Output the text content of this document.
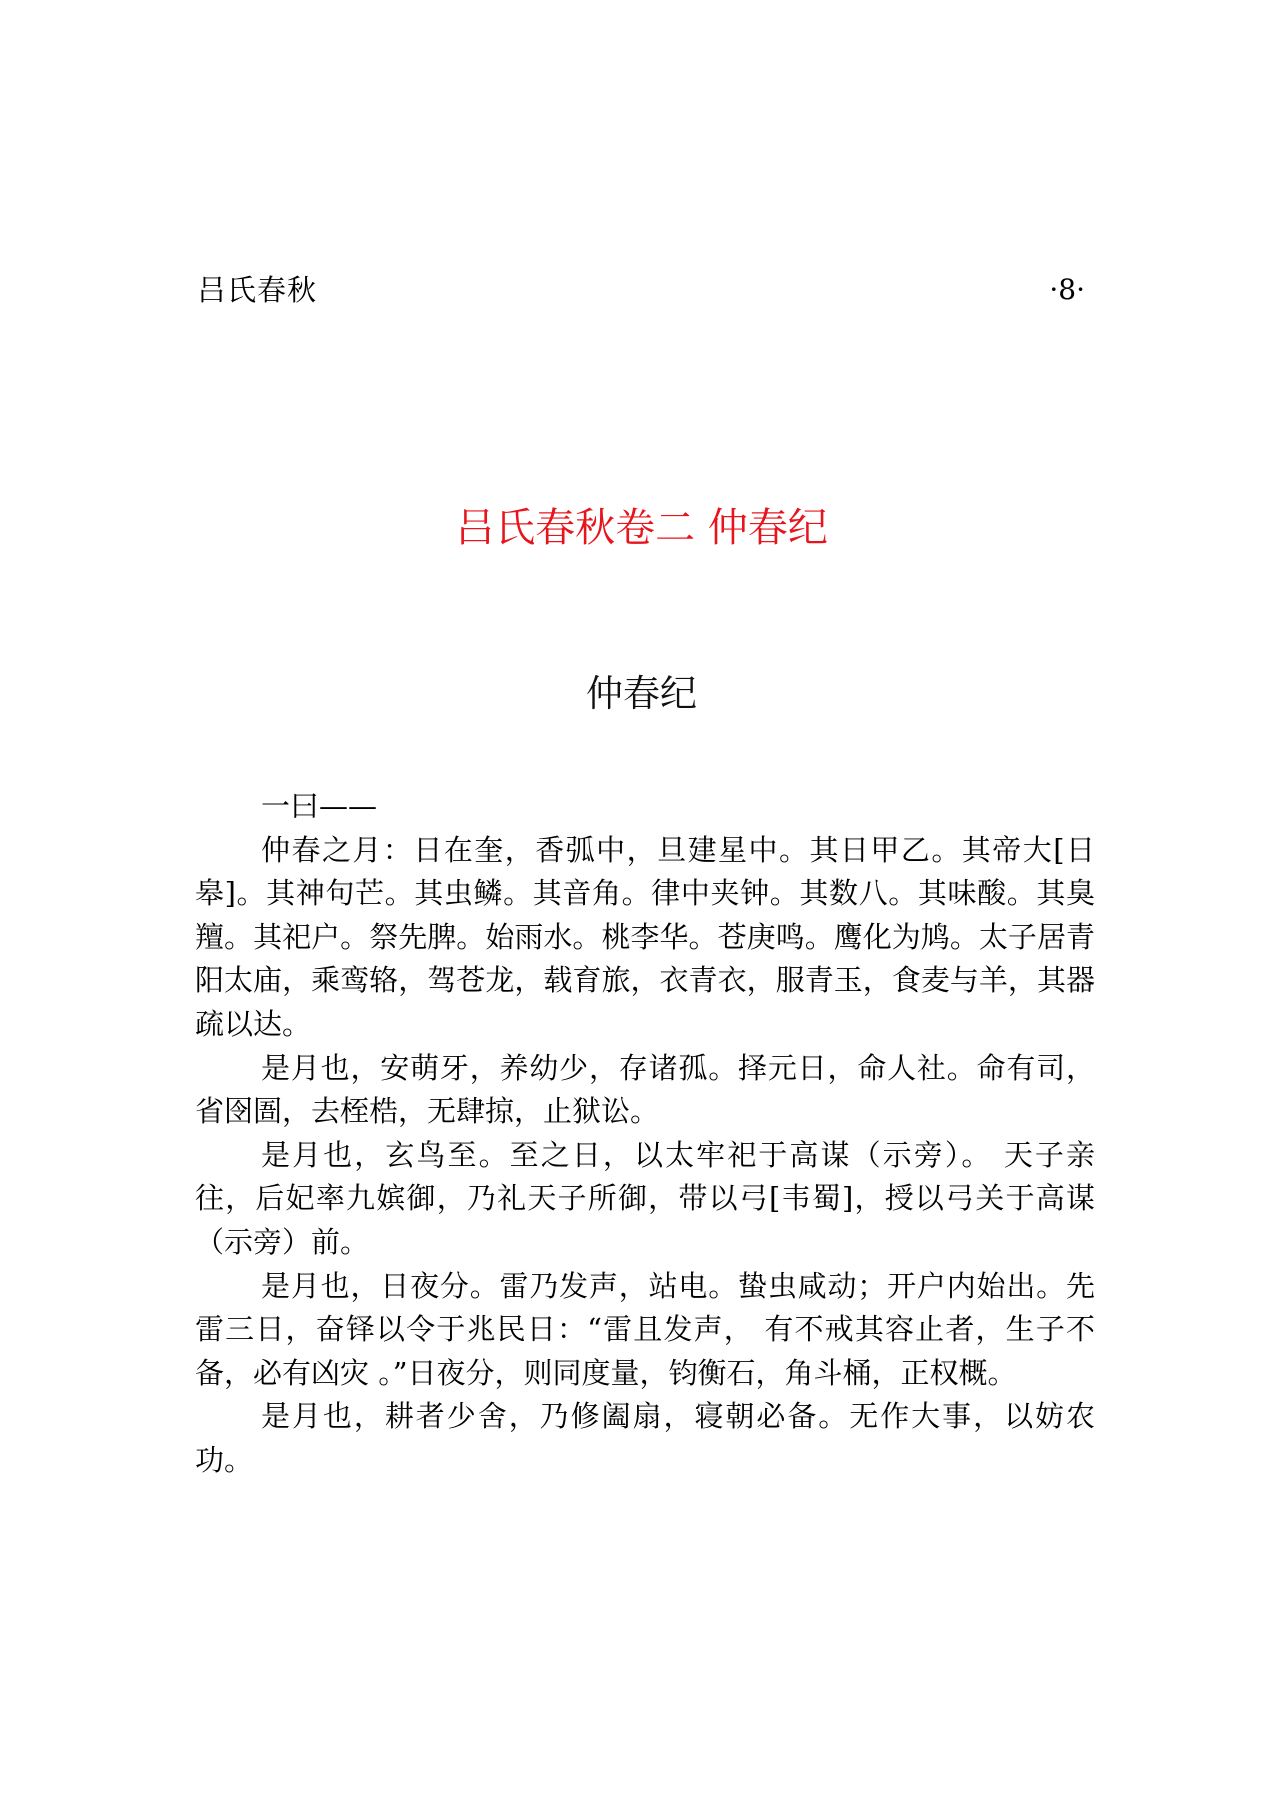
吕氏春秋	·8·
吕氏春秋卷二 仲春纪
仲春纪

一曰——

仲春之月：日在奎，香弧中，旦建星中。其日甲乙。其帝大[日皋]。其神句芒。其虫鳞。其音角。律中夹钟。其数八。其味酸。其臭羶。其祀户。祭先脾。始雨水。桃李华。苍庚鸣。鹰化为鸠。太子居青阳太庙，乘鸾辂，驾苍龙，载育旅，衣青衣，服青玉，食麦与羊，其器疏以达。

是月也，安萌牙，养幼少，存诸孤。择元日，命人社。命有司，省囹圄，去桎梏，无肆掠，止狱讼。

是月也，玄鸟至。至之日，以太牢祀于高谋（示旁）。 天子亲往，后妃率九嫔御，乃礼天子所御，带以弓[韦蜀]，授以弓关于高谋（示旁）前。

是月也，日夜分。雷乃发声，站电。蛰虫咸动；开户内始出。先雷三日，奋铎以令于兆民日：“雷且发声， 有不戒其容止者，生子不备，必有凶灾 。”日夜分，则同度量，钧衡石，角斗桶，正权概。

是月也，耕者少舍，乃修阖扇，寝朝必备。无作大事，以妨农功。
